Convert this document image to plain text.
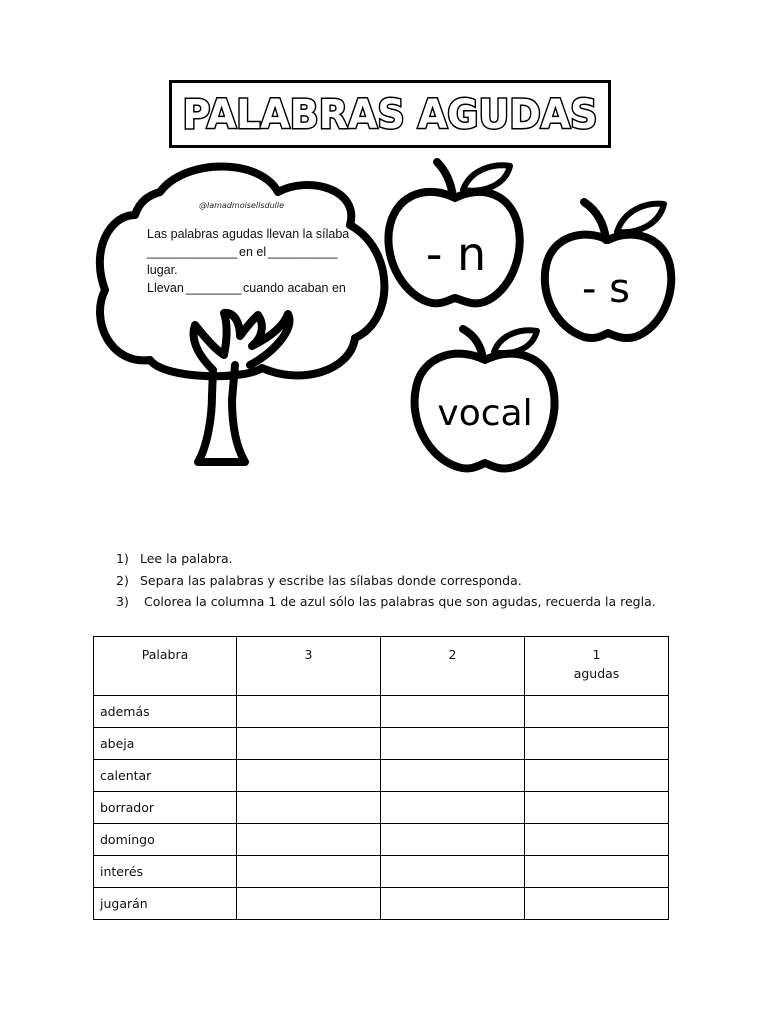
PALABRAS AGUDAS
@lamadmoisellsdulle
Las palabras agudas llevan la sílaba
_____________ en el __________
lugar.
Llevan ________ cuando acaban en
- n
- s
vocal
1) Lee la palabra.
2) Separa las palabras y escribe las sílabas donde corresponda.
3) Colorea la columna 1 de azul sólo las palabras que son agudas, recuerda la regla.
Palabra	3	2	1
agudas
además			
abeja			
calentar			
borrador			
domingo			
interés			
jugarán			
